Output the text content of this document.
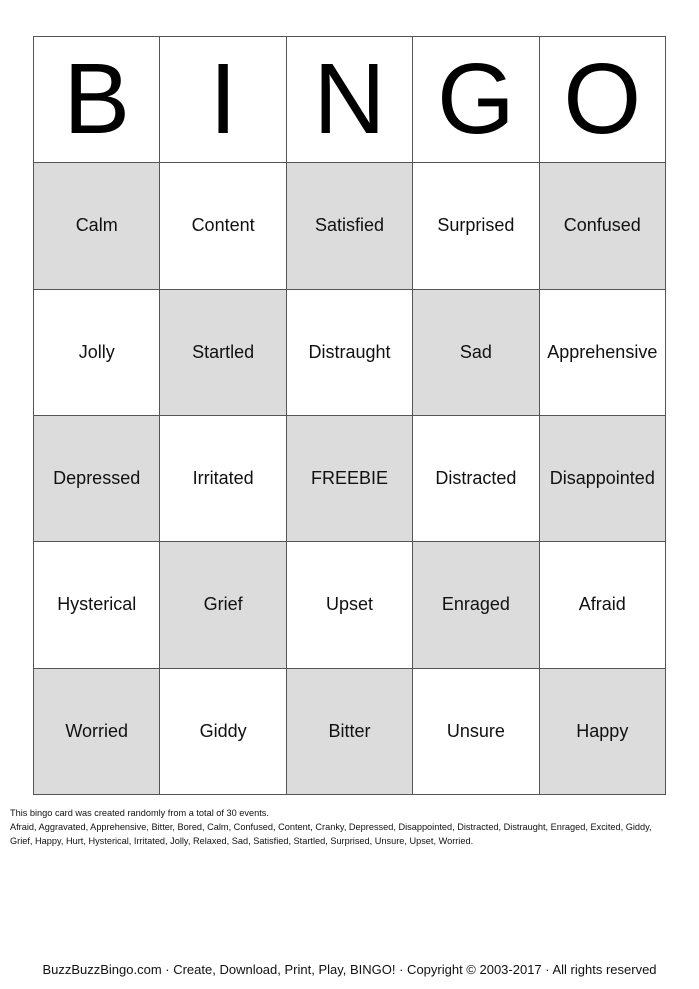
B I N G O
Calm	Content	Satisfied	Surprised	Confused
Jolly	Startled	Distraught	Sad	Apprehensive
Depressed	Irritated	FREEBIE	Distracted	Disappointed
Hysterical	Grief	Upset	Enraged	Afraid
Worried	Giddy	Bitter	Unsure	Happy
This bingo card was created randomly from a total of 30 events.
Afraid, Aggravated, Apprehensive, Bitter, Bored, Calm, Confused, Content, Cranky, Depressed, Disappointed, Distracted, Distraught, Enraged, Excited, Giddy,
Grief, Happy, Hurt, Hysterical, Irritated, Jolly, Relaxed, Sad, Satisfied, Startled, Surprised, Unsure, Upset, Worried.
BuzzBuzzBingo.com · Create, Download, Print, Play, BINGO! · Copyright © 2003-2017 · All rights reserved
